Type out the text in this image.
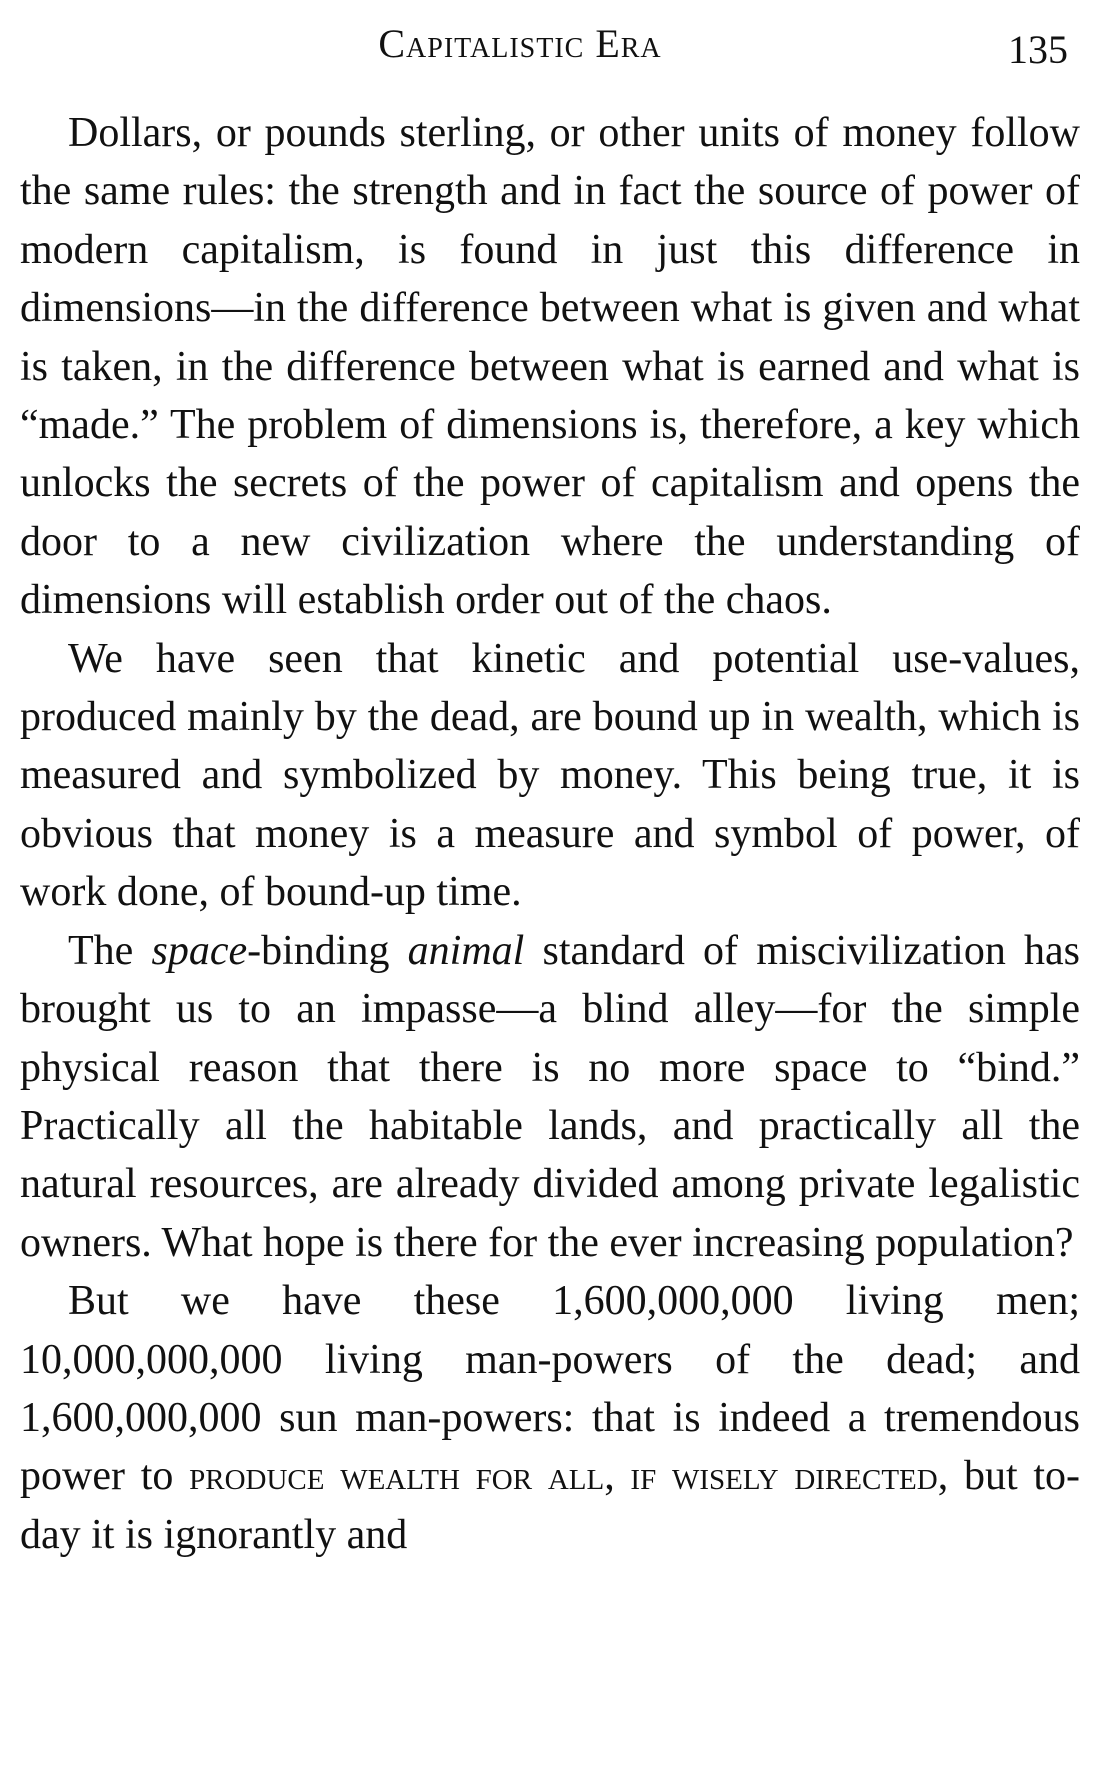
Capitalistic Era	135

Dollars, or pounds sterling, or other units of money follow the same rules: the strength and in fact the source of power of modern capitalism, is found in just this difference in dimensions—in the difference between what is given and what is taken, in the difference between what is earned and what is “made.” The problem of dimensions is, therefore, a key which unlocks the secrets of the power of capitalism and opens the door to a new civilization where the understanding of dimensions will establish order out of the chaos.

We have seen that kinetic and potential use-values, produced mainly by the dead, are bound up in wealth, which is measured and symbolized by money. This being true, it is obvious that money is a measure and symbol of power, of work done, of bound-up time.

The space-binding animal standard of miscivilization has brought us to an impasse—a blind alley—for the simple physical reason that there is no more space to “bind.” Practically all the habitable lands, and practically all the natural resources, are already divided among private legalistic owners. What hope is there for the ever increasing population?

But we have these 1,600,000,000 living men; 10,000,000,000 living man-powers of the dead; and 1,600,000,000 sun man-powers: that is indeed a tremendous power to produce wealth for all, if wisely directed, but to-day it is ignorantly and
